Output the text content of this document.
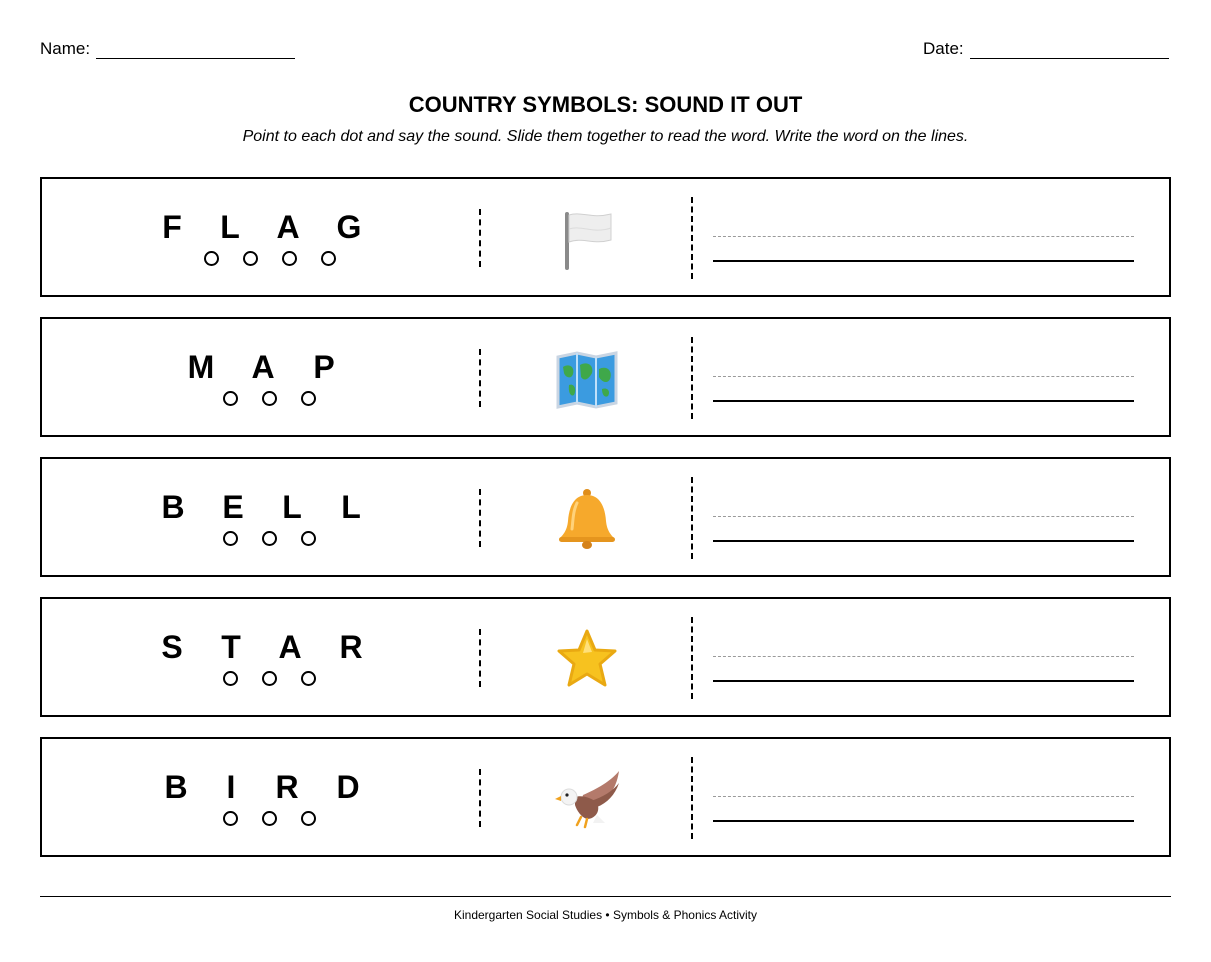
Name:	Date:
COUNTRY SYMBOLS: SOUND IT OUT
Point to each dot and say the sound. Slide them together to read the word. Write the word on the lines.
F L A G
M A P
B E L L
S T A R
B	I	R D
Kindergarten Social Studies • Symbols & Phonics Activity
